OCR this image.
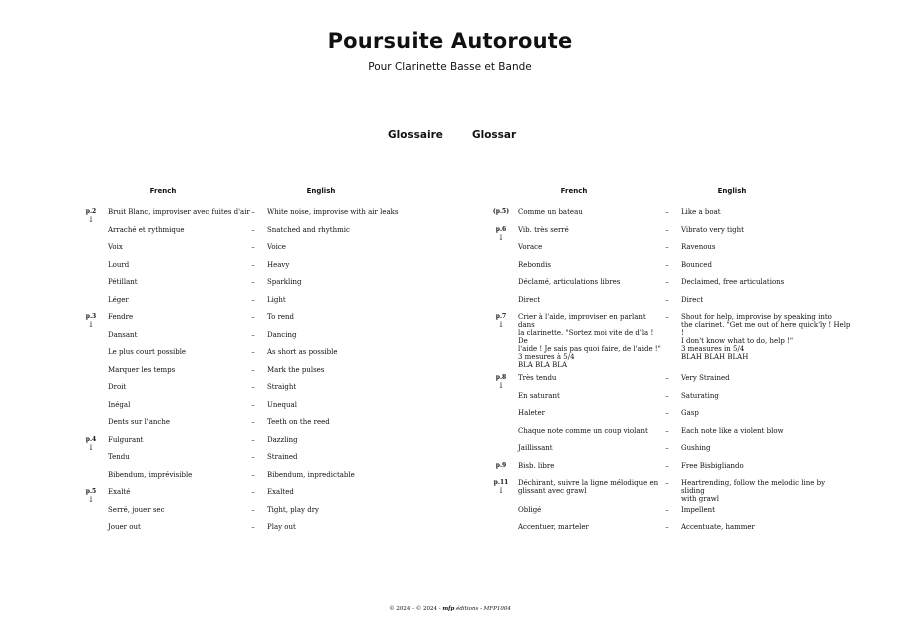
Poursuite Autoroute
Pour Clarinette Basse et Bande
Glossaire	Glossar
French	English
p.2
↓
Bruit Blanc, improviser avec fuites d'air –	White noise, improvise with air leaks
Arraché et rythmique	–	Snatched and rhythmic
Voix	–	Voice
Lourd	–	Heavy
Pétillant	–	Sparkling
Léger	–	Light
p.3
↓
Fendre	–	To rend
Dansant	–	Dancing
Le plus court possible	–	As short as possible
Marquer les temps	–	Mark the pulses
Droit	–	Straight
Inégal	–	Unequal
Dents sur l'anche	–	Teeth on the reed
p.4
↓
Fulgurant	–	Dazzling
Tendu	–	Strained
Bibendum, imprévisible	–	Bibendum, inpredictable
p.5
↓
Exalté	–	Exalted
Serré, jouer sec	–	Tight, play dry
Jouer out	–	Play out
French	English
(p.5)	Comme un bateau	–	Like a boat
p.6
↓
Vib. très serré	–	Vibrato very tight
Vorace	–	Ravenous
Rebondis	–	Bounced
Déclamé, articulations libres	–	Declaimed, free articulations
Direct	–	Direct
p.7
↓
Crier à l'aide, improviser en parlant dans
la clarinette. "Sortez moi vite de d'la ! De
l'aide ! Je sais pas quoi faire, de l'aide !"
3 mesures à 5/4
BLA BLA BLA
–	Shout for help, improvise by speaking into
the clarinet. "Get me out of here quick'ly ! Help !
I don't know what to do, help !"
3 measures in 5/4
BLAH BLAH BLAH
p.8
↓
Très tendu	–	Very Strained
En saturant	–	Saturating
Haleter	–	Gasp
Chaque note comme un coup violant	–	Each note like a violent blow
Jaillissant	–	Gushing
p.9	Bisb. libre	–	Free Bisbigliando
p.11
↓
Déchirant, suivre la ligne mélodique en
glissant avec grawl
–	Heartrending, follow the melodic line by sliding
with grawl
Obligé	–	Impellent
Accentuer, marteler	–	Accentuate, hammer
© 2024 - © 2024 - mfp éditions - MFP1004
